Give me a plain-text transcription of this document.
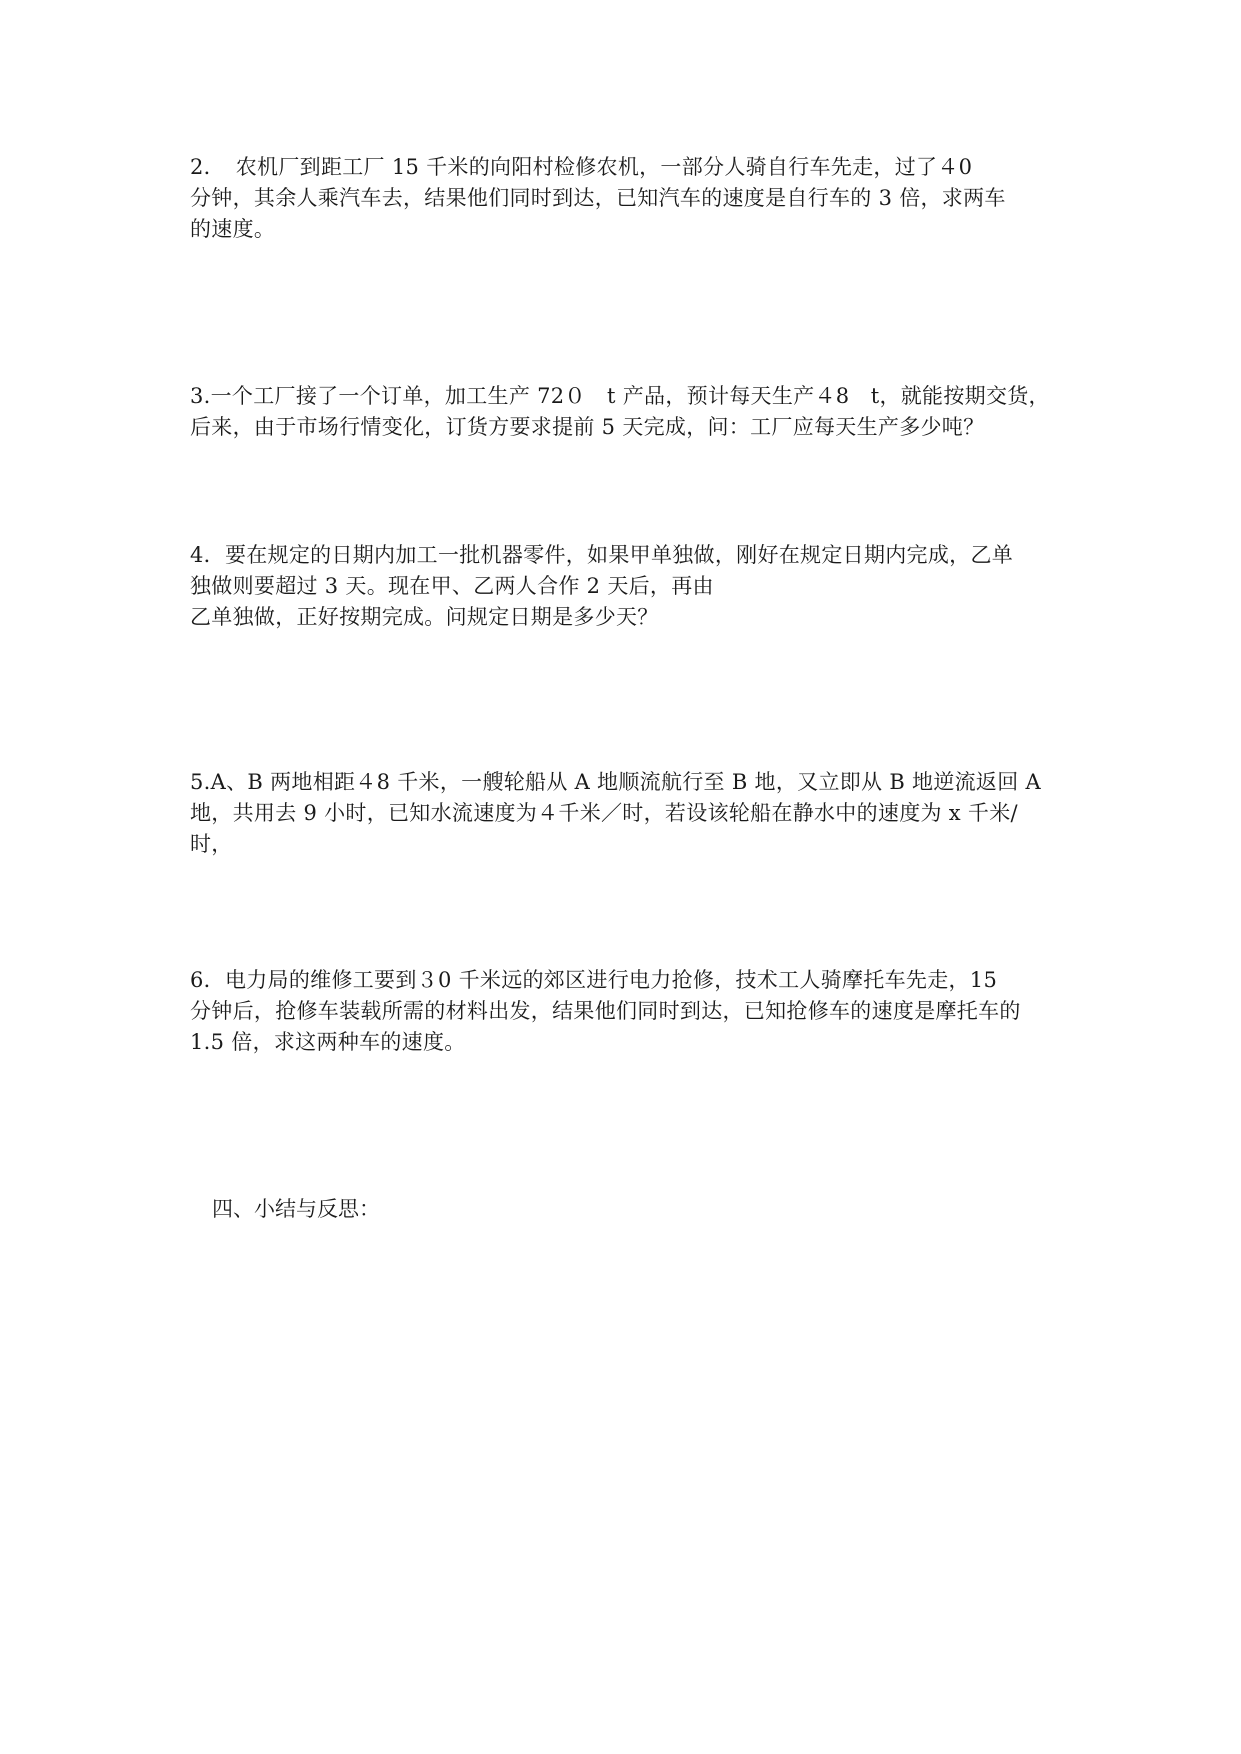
2．　农机厂到距工厂 15 千米的向阳村检修农机，一部分人骑自行车先走，过了４0

分钟，其余人乘汽车去，结果他们同时到达，已知汽车的速度是自行车的 3 倍，求两车

的速度。

3.一个工厂接了一个订单，加工生产 72０　t 产品，预计每天生产４8　t，就能按期交货，

后来，由于市场行情变化，订货方要求提前 5 天完成，问：工厂应每天生产多少吨？

4．要在规定的日期内加工一批机器零件，如果甲单独做，刚好在规定日期内完成，乙单

独做则要超过 3 天。现在甲、乙两人合作 2 天后，再由

乙单独做，正好按期完成。问规定日期是多少天？

5.A、B 两地相距４8 千米，一艘轮船从 A 地顺流航行至 B 地，又立即从 B 地逆流返回 A

地，共用去 9 小时，已知水流速度为４千米／时，若设该轮船在静水中的速度为 x 千米/

时，

6．电力局的维修工要到３0 千米远的郊区进行电力抢修，技术工人骑摩托车先走，15

分钟后，抢修车装载所需的材料出发，结果他们同时到达，已知抢修车的速度是摩托车的

1.5 倍，求这两种车的速度。

四、小结与反思：
